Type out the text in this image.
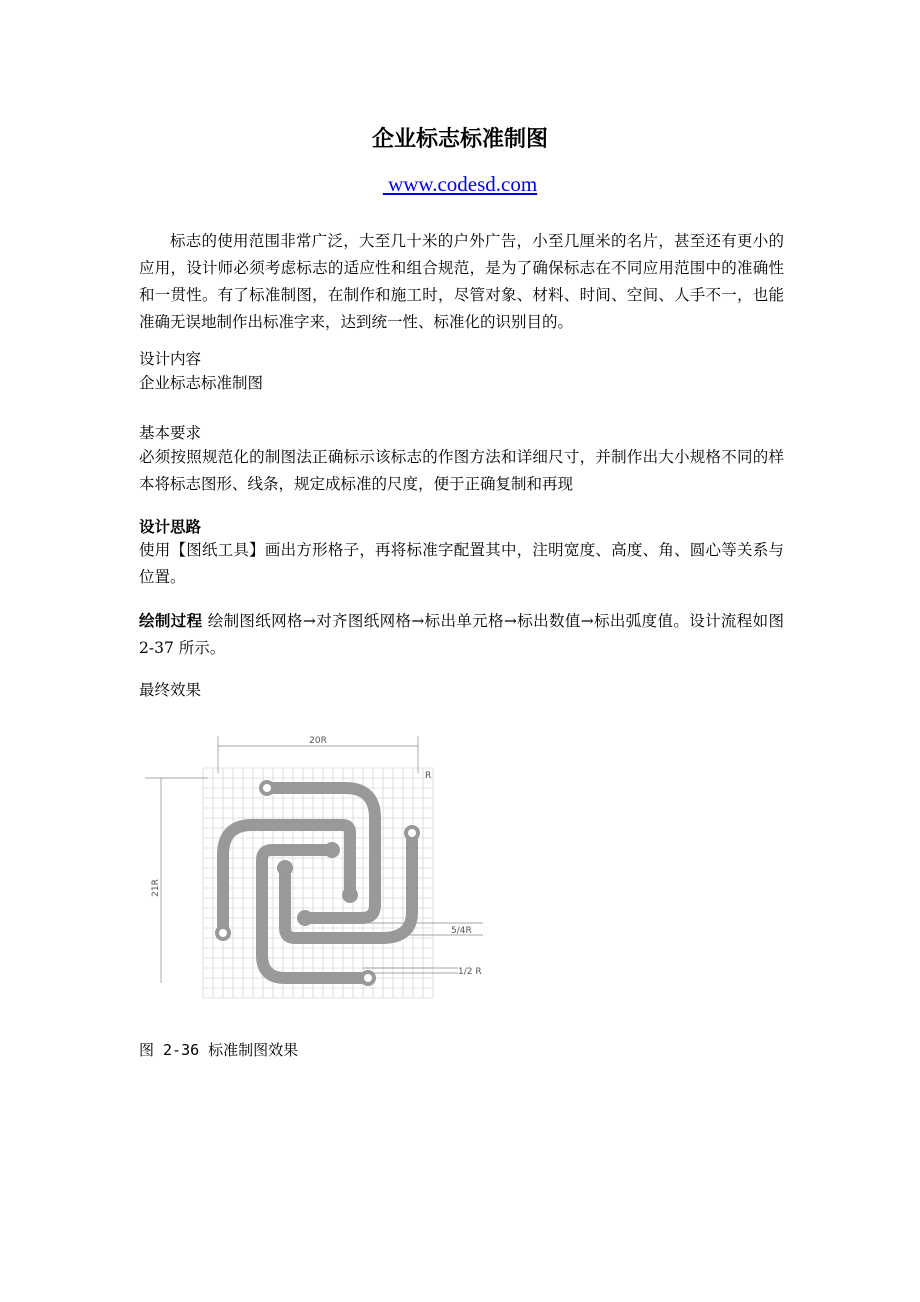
企业标志标准制图
www.codesd.com
标志的使用范围非常广泛，大至几十米的户外广告，小至几厘米的名片，甚至还有更小的应用，设计师必须考虑标志的适应性和组合规范，是为了确保标志在不同应用范围中的准确性和一贯性。有了标准制图，在制作和施工时，尽管对象、材料、时间、空间、人手不一，也能准确无误地制作出标准字来，达到统一性、标准化的识别目的。
设计内容
企业标志标准制图
基本要求
必须按照规范化的制图法正确标示该标志的作图方法和详细尺寸，并制作出大小规格不同的样本将标志图形、线条，规定成标准的尺度，便于正确复制和再现
设计思路
使用【图纸工具】画出方形格子，再将标准字配置其中，注明宽度、高度、角、圆心等关系与位置。
绘制过程 绘制图纸网格→对齐图纸网格→标出单元格→标出数值→标出弧度值。设计流程如图 2-37 所示。
最终效果
20R
21R
R
5/4R
1/2 R
图 2-36 标准制图效果
